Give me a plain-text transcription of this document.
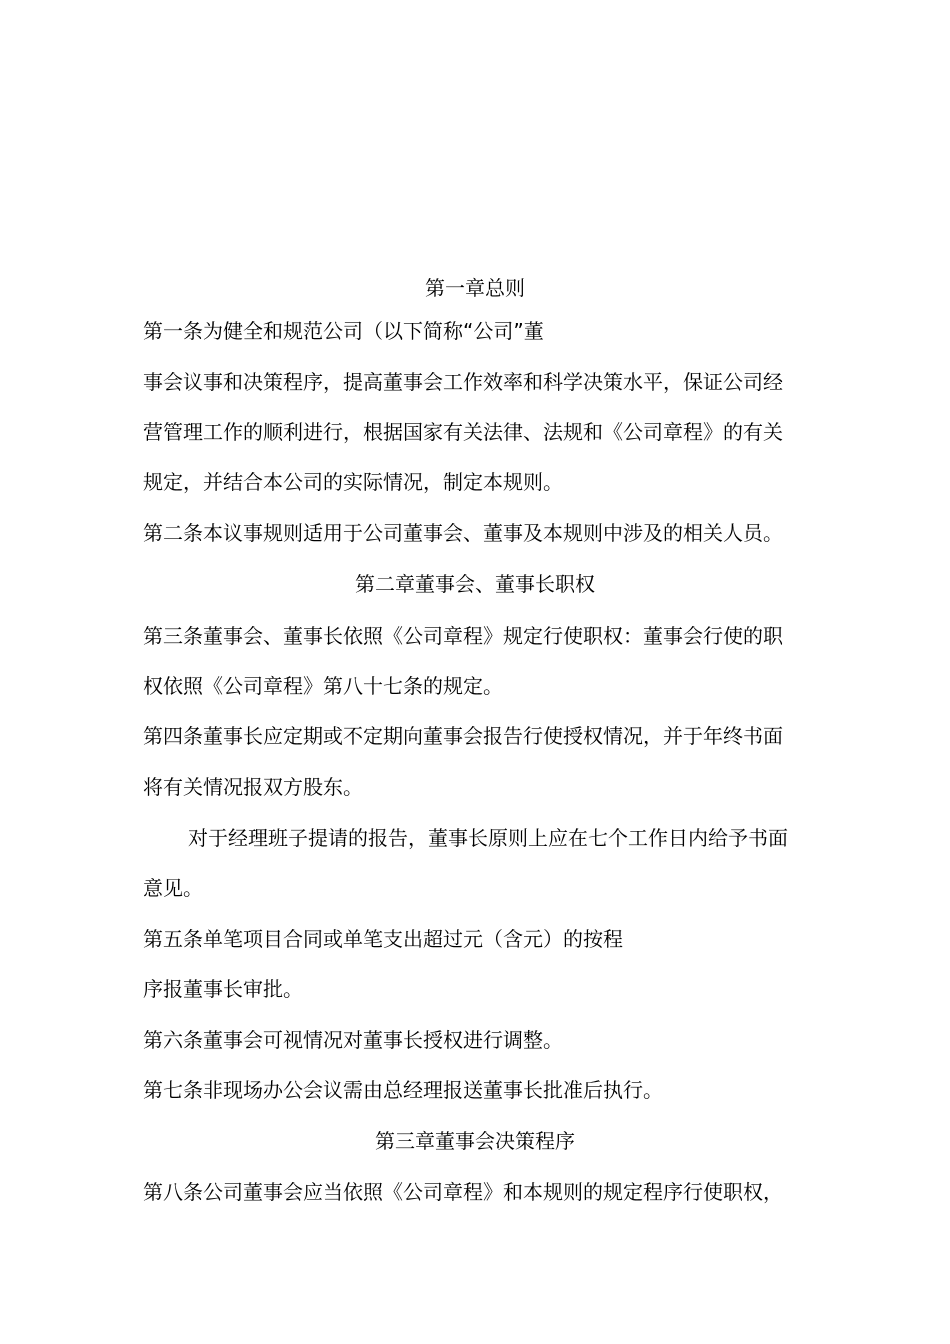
第一章总则
第一条为健全和规范公司（以下简称“公司”董
事会议事和决策程序，提高董事会工作效率和科学决策水平，保证公司经
营管理工作的顺利进行，根据国家有关法律、法规和《公司章程》的有关
规定，并结合本公司的实际情况，制定本规则。
第二条本议事规则适用于公司董事会、董事及本规则中涉及的相关人员。
第二章董事会、董事长职权
第三条董事会、董事长依照《公司章程》规定行使职权：董事会行使的职
权依照《公司章程》第八十七条的规定。
第四条董事长应定期或不定期向董事会报告行使授权情况，并于年终书面
将有关情况报双方股东。
对于经理班子提请的报告，董事长原则上应在七个工作日内给予书面
意见。
第五条单笔项目合同或单笔支出超过元（含元）的按程
序报董事长审批。
第六条董事会可视情况对董事长授权进行调整。
第七条非现场办公会议需由总经理报送董事长批准后执行。
第三章董事会决策程序
第八条公司董事会应当依照《公司章程》和本规则的规定程序行使职权，
